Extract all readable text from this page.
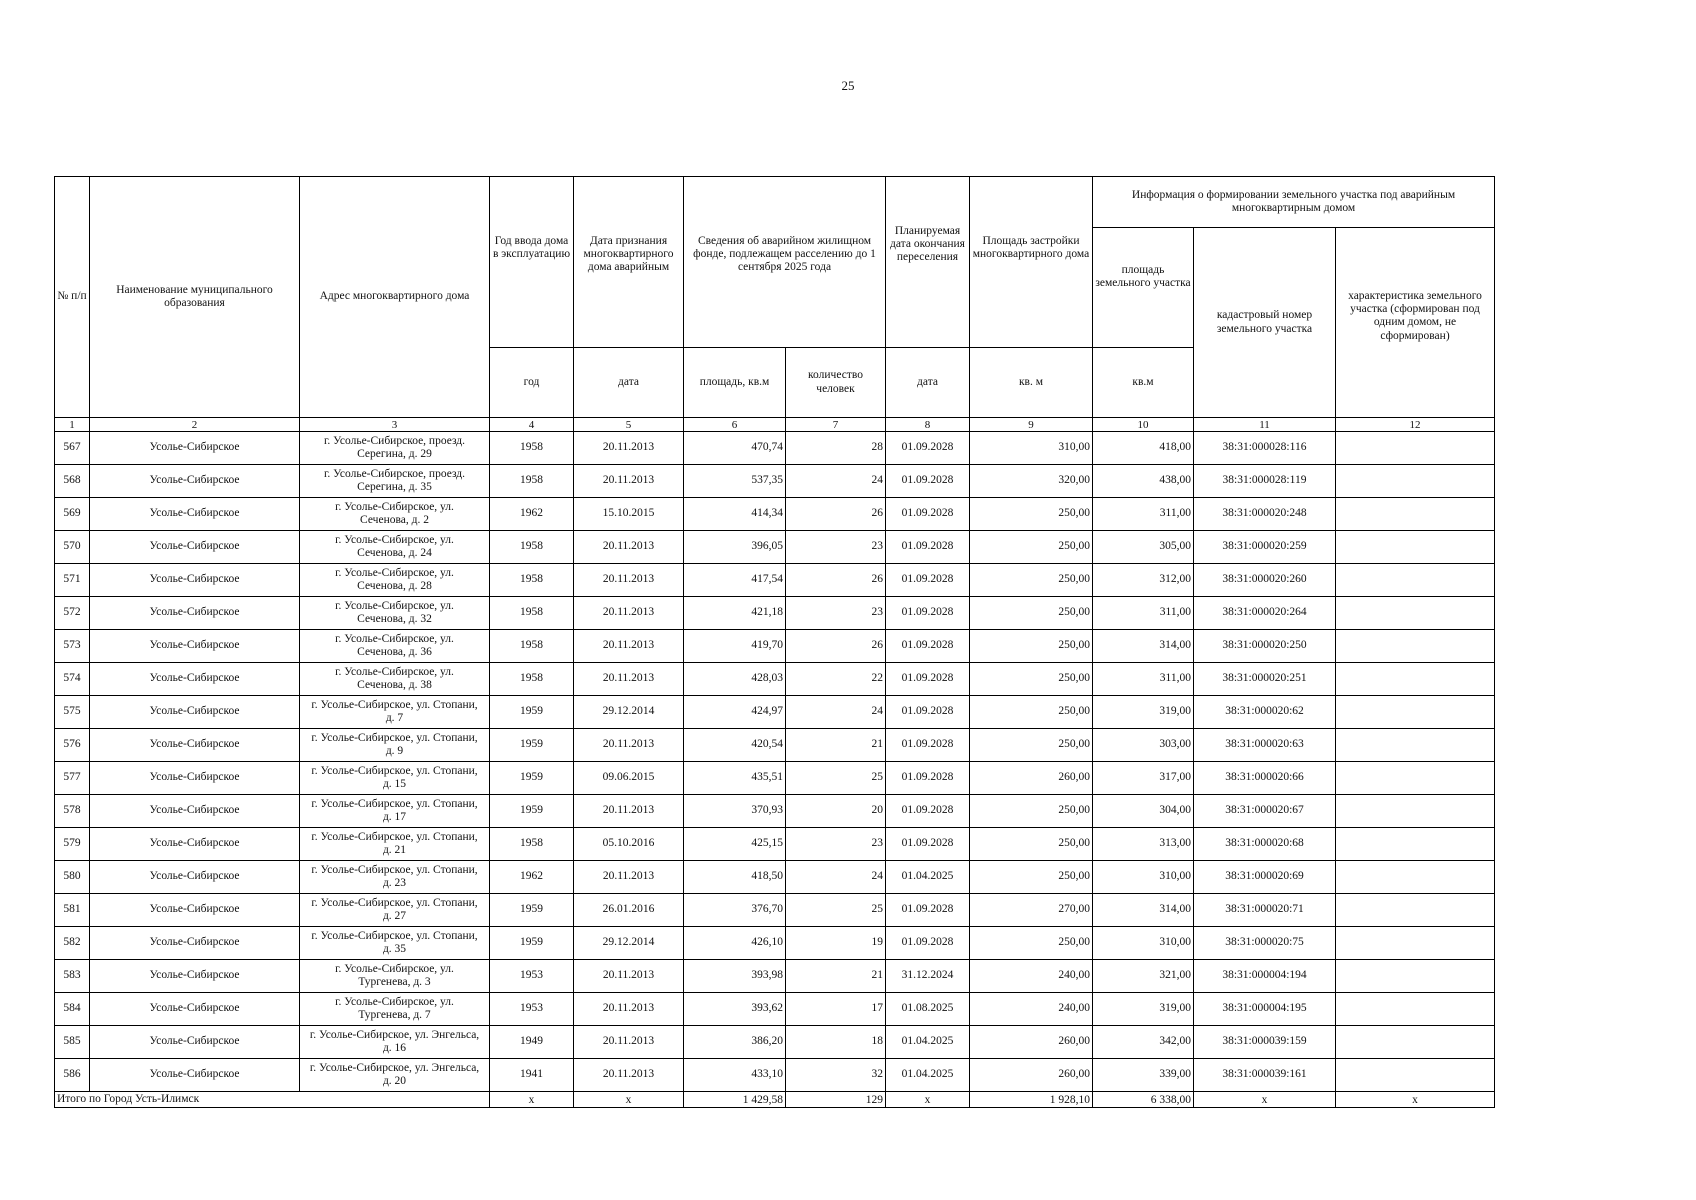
25
№ п/п	Наименование муниципального образования	Адрес многоквартирного дома	Год ввода дома в эксплуатацию	Дата признания многоквартирного дома аварийным	Сведения об аварийном жилищном фонде, подлежащем расселению до 1 сентября 2025 года		Планируемая дата окончания переселения	Площадь застройки многоквартирного дома	Информация о формировании земельного участка под аварийным многоквартирным домом		
									площадь земельного участка	кадастровый номер земельного участка	характеристика земельного участка (сформирован под одним домом, не сформирован)
			год	дата	площадь, кв.м	количество человек	дата	кв. м	кв.м		
1	2	3	4	5	6	7	8	9	10	11	12
567	Усолье-Сибирское	г. Усолье-Сибирское, проезд.
Серегина, д. 29	1958	20.11.2013	470,74	28	01.09.2028	310,00	418,00	38:31:000028:116	
568	Усолье-Сибирское	г. Усолье-Сибирское, проезд.
Серегина, д. 35	1958	20.11.2013	537,35	24	01.09.2028	320,00	438,00	38:31:000028:119	
569	Усолье-Сибирское	г. Усолье-Сибирское, ул.
Сеченова, д. 2	1962	15.10.2015	414,34	26	01.09.2028	250,00	311,00	38:31:000020:248	
570	Усолье-Сибирское	г. Усолье-Сибирское, ул.
Сеченова, д. 24	1958	20.11.2013	396,05	23	01.09.2028	250,00	305,00	38:31:000020:259	
571	Усолье-Сибирское	г. Усолье-Сибирское, ул.
Сеченова, д. 28	1958	20.11.2013	417,54	26	01.09.2028	250,00	312,00	38:31:000020:260	
572	Усолье-Сибирское	г. Усолье-Сибирское, ул.
Сеченова, д. 32	1958	20.11.2013	421,18	23	01.09.2028	250,00	311,00	38:31:000020:264	
573	Усолье-Сибирское	г. Усолье-Сибирское, ул.
Сеченова, д. 36	1958	20.11.2013	419,70	26	01.09.2028	250,00	314,00	38:31:000020:250	
574	Усолье-Сибирское	г. Усолье-Сибирское, ул.
Сеченова, д. 38	1958	20.11.2013	428,03	22	01.09.2028	250,00	311,00	38:31:000020:251	
575	Усолье-Сибирское	г. Усолье-Сибирское, ул. Стопани,
д. 7	1959	29.12.2014	424,97	24	01.09.2028	250,00	319,00	38:31:000020:62	
576	Усолье-Сибирское	г. Усолье-Сибирское, ул. Стопани,
д. 9	1959	20.11.2013	420,54	21	01.09.2028	250,00	303,00	38:31:000020:63	
577	Усолье-Сибирское	г. Усолье-Сибирское, ул. Стопани,
д. 15	1959	09.06.2015	435,51	25	01.09.2028	260,00	317,00	38:31:000020:66	
578	Усолье-Сибирское	г. Усолье-Сибирское, ул. Стопани,
д. 17	1959	20.11.2013	370,93	20	01.09.2028	250,00	304,00	38:31:000020:67	
579	Усолье-Сибирское	г. Усолье-Сибирское, ул. Стопани,
д. 21	1958	05.10.2016	425,15	23	01.09.2028	250,00	313,00	38:31:000020:68	
580	Усолье-Сибирское	г. Усолье-Сибирское, ул. Стопани,
д. 23	1962	20.11.2013	418,50	24	01.04.2025	250,00	310,00	38:31:000020:69	
581	Усолье-Сибирское	г. Усолье-Сибирское, ул. Стопани,
д. 27	1959	26.01.2016	376,70	25	01.09.2028	270,00	314,00	38:31:000020:71	
582	Усолье-Сибирское	г. Усолье-Сибирское, ул. Стопани,
д. 35	1959	29.12.2014	426,10	19	01.09.2028	250,00	310,00	38:31:000020:75	
583	Усолье-Сибирское	г. Усолье-Сибирское, ул.
Тургенева, д. 3	1953	20.11.2013	393,98	21	31.12.2024	240,00	321,00	38:31:000004:194	
584	Усолье-Сибирское	г. Усолье-Сибирское, ул.
Тургенева, д. 7	1953	20.11.2013	393,62	17	01.08.2025	240,00	319,00	38:31:000004:195	
585	Усолье-Сибирское	г. Усолье-Сибирское, ул. Энгельса,
д. 16	1949	20.11.2013	386,20	18	01.04.2025	260,00	342,00	38:31:000039:159	
586	Усолье-Сибирское	г. Усолье-Сибирское, ул. Энгельса,
д. 20	1941	20.11.2013	433,10	32	01.04.2025	260,00	339,00	38:31:000039:161	
Итого по Город Усть-Илимск			x	x	1 429,58	129	x	1 928,10	6 338,00	x	x
